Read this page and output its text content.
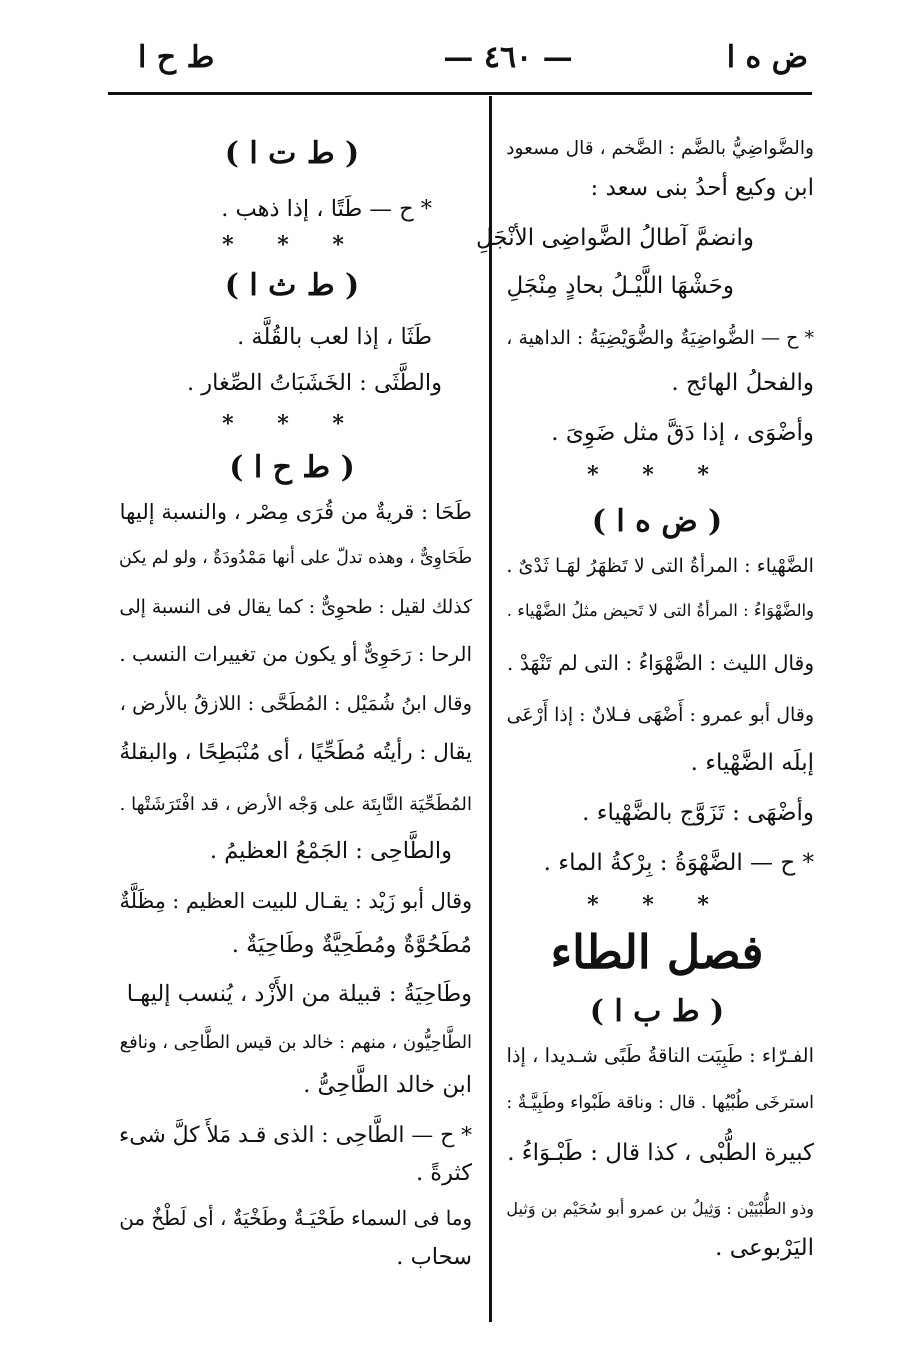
ض ه ا
— ٤٦٠ —
ط ح ا
والضَّواضِيُّ بالضَّم : الضَّخم ، قال مسعود
ابن وكيع أحدُ بنى سعد :
وانضمَّ آطالُ الضَّواضِى الأنْجَلِ
وحَشْهَا اللَّيْـلُ بحادٍ مِنْجَلِ
* ح — الضُّواضِيَةُ والضُّوَيْضِيَةُ : الداهية ،
والفحلُ الهائج .
وأضْوَى ، إذا دَقَّ مثل ضَوِىَ .
* * *
( ض ه ا )
الضَّهْياء : المرأةُ التى لا تَظهَرُ لهَـا ثَدْىٌ .
والضَّهْوَاءُ : المرأةُ التى لا تَحيض مثلُ الضَّهْياء .
وقال الليث : الضَّهْوَاءُ : التى لم تَنْهَدْ .
وقال أبو عمرو : أَضْهَى فـلانٌ : إذا أَرْعَى
إبلَه الضَّهْياء .
وأضْهَى : تَزَوَّج بالضَّهْياء .
* ح — الضَّهْوَةُ : بِرْكةُ الماء .
* * *
فصل الطاء
( ط ب ا )
الفـرّاء : طَبِيَت الناقةُ طَبًى شـديدا ، إذا
استرخَى طُبْيُها . قال : وناقة طَبْواء وطَبِيَّـةٌ :
كبيرة الطُّبْى ، كذا قال : طَبْـوَاءُ .
وذو الطُّبْيَيْن : وَثِيلُ بن عمرو أبو سُحَيْم بن وَثيل
اليَرْبوعى .
( ط ت ا )
* ح — طَتًا ، إذا ذهب .
* * *
( ط ث ا )
طَثَا ، إذا لعب بالقُلَّة .
والطَّثَى : الخَشَبَاتُ الصِّغار .
* * *
( ط ح ا )
طَحَا : قريةٌ من قُرَى مِصْر ، والنسبة إليها
طَحَاوِىٌّ ، وهذه تدلّ على أنها مَمْدُودَةٌ ، ولو لم يكن
كذلك لقيل : طحوِىٌّ : كما يقال فى النسبة إلى
الرحا : رَحَوِىٌّ أو يكون من تغييرات النسب .
وقال ابنُ شُمَيْل : المُطَحَّى : اللازقُ بالأرض ،
يقال : رأيتُه مُطَحِّيًا ، أى مُنْبَطِحًا ، والبقلةُ
المُطَحِّيَة النَّابِتَة على وَجْه الأرض ، قد افْتَرَشَتْها .
والطَّاحِى : الجَمْعُ العظيمُ .
وقال أبو زَيْد : يقـال للبيت العظيم : مِظَلَّةٌ
مُطَحُوَّةٌ ومُطَحِيَّةٌ وطَاحِيَةٌ .
وطَاحِيَةُ : قبيلة من الأَزْد ، يُنسب إليهـا
الطَّاحِيُّون ، منهم : خالد بن قيس الطَّاحِى ، ونافع
ابن خالد الطَّاحِىُّ .
* ح — الطَّاحِى : الذى قـد مَلأَ كلَّ شىء
كثرةً .
وما فى السماء طَحْيَـةٌ وطَخْيَةٌ ، أى لَطْخٌ من
سحاب .
